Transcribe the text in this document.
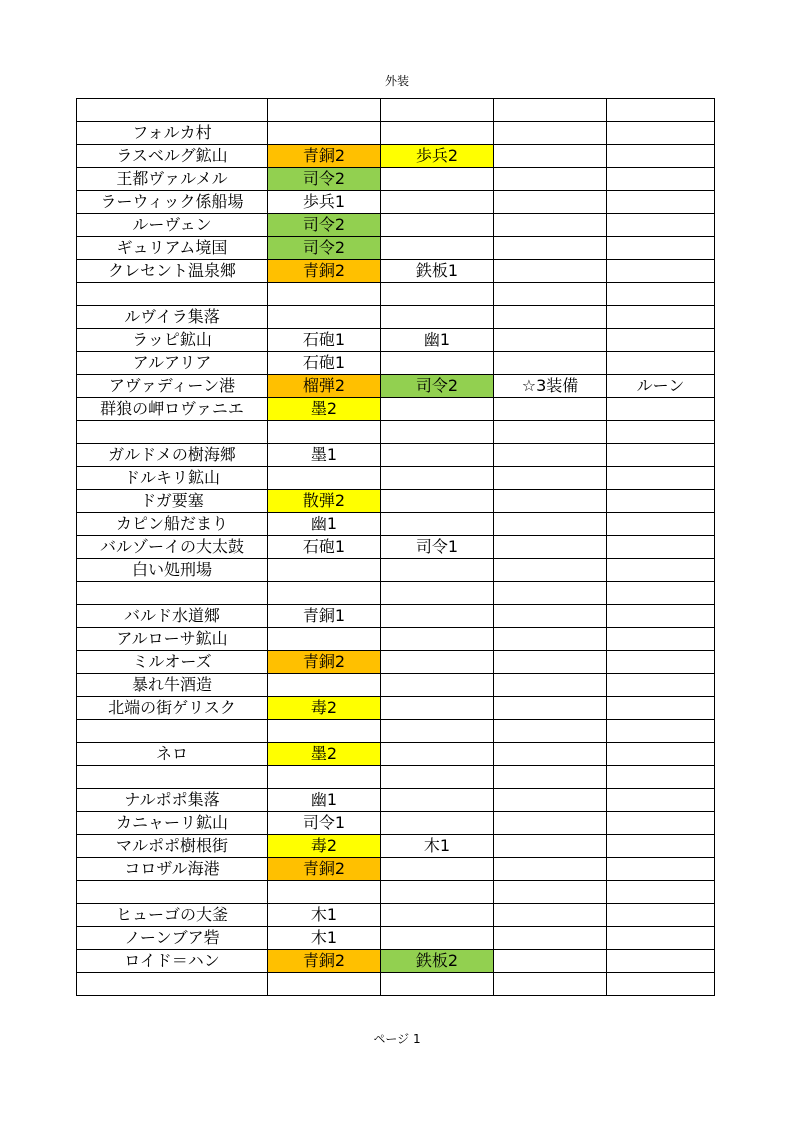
外装

フォルカ村				
ラスベルグ鉱山	青銅2	歩兵2		
王都ヴァルメル	司令2			
ラーウィック係船場	歩兵1			
ルーヴェン	司令2			
ギュリアム境国	司令2			
クレセント温泉郷	青銅2	鉄板1		

ルヴイラ集落				
ラッピ鉱山	石砲1	幽1		
アルアリア	石砲1			
アヴァディーン港	榴弾2	司令2	☆3装備	ルーン
群狼の岬ロヴァニエ	墨2			

ガルドメの樹海郷	墨1			
ドルキリ鉱山				
ドガ要塞	散弾2			
カピン船だまり	幽1			
バルゾーイの大太鼓	石砲1	司令1		
白い処刑場				

バルド水道郷	青銅1			
アルローサ鉱山				
ミルオーズ	青銅2			
暴れ牛酒造				
北端の街ゲリスク	毒2			

ネロ	墨2			

ナルポポ集落	幽1			
カニャーリ鉱山	司令1			
マルポポ樹根街	毒2	木1		
コロザル海港	青銅2			

ヒューゴの大釜	木1			
ノーンブア砦	木1			
ロイド＝ハン	青銅2	鉄板2		

ページ 1
